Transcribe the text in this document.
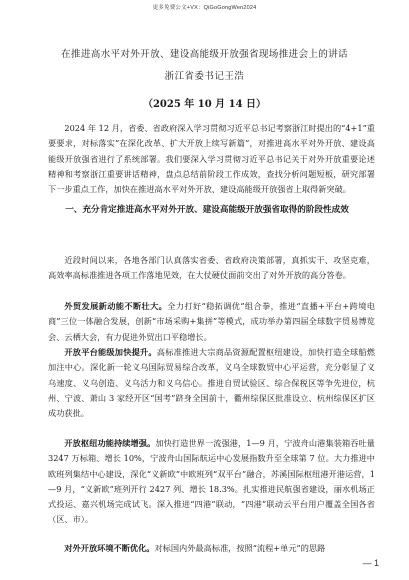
更多免费公文+VX：QiGoGongWen2024
在推进高水平对外开放、建设高能级开放强省现场推进会上的讲话
浙江省委书记王浩
（2025 年 10 月 14 日）

2024 年 12 月，省委、省政府深入学习贯彻习近平总书记考察浙江时提出的“4+1”重要要求，对标落实“在深化改革、扩大开放上续写新篇”，对推进高水平对外开放、建设高能级开放强省进行了系统部署。我们要深入学习贯彻习近平总书记关于对外开放重要论述精神和考察浙江重要讲话精神，盘点总结前阶段工作成效，查找分析问题短板，研究部署下一步重点工作，加快在推进高水平对外开放、建设高能级开放强省上取得新突破。

一、充分肯定推进高水平对外开放、建设高能级开放强省取得的阶段性成效

近段时间以来，各地各部门认真落实省委、省政府决策部署，真抓实干、攻坚克难，高效率高标准推进各项工作落地见效，在大仗硬仗面前交出了对外开放的高分答卷。

外贸发展新动能不断壮大。全力打好“稳拓调优”组合拳，推进“直播+平台+跨境电商”三位一体融合发展，创新“市场采购+集拼”等模式，成功举办第四届全球数字贸易博览会、云栖大会，有力促进外贸出口平稳增长。

开放平台能级加快提升。高标准推进大宗商品资源配置枢纽建设，加快打造全球船燃加注中心。深化新一轮义乌国际贸易综合改革，义乌全球数贸中心平运营，充分彰显了义乌速度、义乌创造、义乌活力和义乌信心。推进自贸试验区、综合保税区等争先进位，杭州、宁波、萧山 3 家经开区“国考”跻身全国前十，衢州综保区批准设立、杭州综保区扩区成功获批。

开放枢纽功能持续增强。加快打造世界一流强港，1—9 月，宁波舟山港集装箱吞吐量 3247 万标箱、增长 10%，宁波舟山国际航运中心发展指数升至全球第 7 位。大力推进中欧班列集结中心建设，深化“义新欧”中欧班列“双平台”融合，苏溪国际枢纽港开港运营，1—9 月，“义新欧”班列开行 2427 列、增长 18.3%。扎实推进民航强省建设，丽水机场正式投运、嘉兴机场完成试飞。深入推进“四港”联动，“四港”联动云平台用户覆盖全国各省（区、市）。

对外开放环境不断优化。对标国内外最高标准，按照“流程+单元”的思路

— 1
